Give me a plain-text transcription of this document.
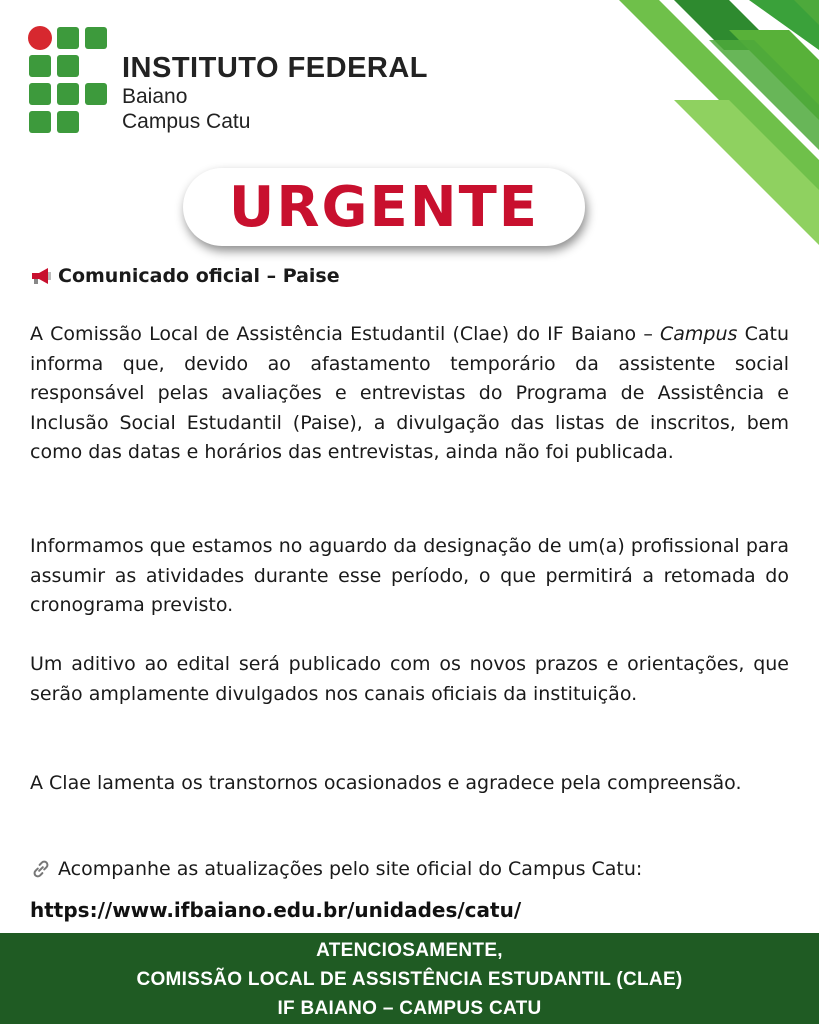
INSTITUTO FEDERAL
Baiano
Campus Catu
URGENTE
Comunicado oficial – Paise
A Comissão Local de Assistência Estudantil (Clae) do IF Baiano – Campus Catu informa que, devido ao afastamento temporário da assistente social responsável pelas avaliações e entrevistas do Programa de Assistência e Inclusão Social Estudantil (Paise), a divulgação das listas de inscritos, bem como das datas e horários das entrevistas, ainda não foi publicada.
Informamos que estamos no aguardo da designação de um(a) profissional para assumir as atividades durante esse período, o que permitirá a retomada do cronograma previsto.
Um aditivo ao edital será publicado com os novos prazos e orientações, que serão amplamente divulgados nos canais oficiais da instituição.
A Clae lamenta os transtornos ocasionados e agradece pela compreensão.
Acompanhe as atualizações pelo site oficial do Campus Catu:
https://www.ifbaiano.edu.br/unidades/catu/
ATENCIOSAMENTE,
COMISSÃO LOCAL DE ASSISTÊNCIA ESTUDANTIL (CLAE)
IF BAIANO – CAMPUS CATU
